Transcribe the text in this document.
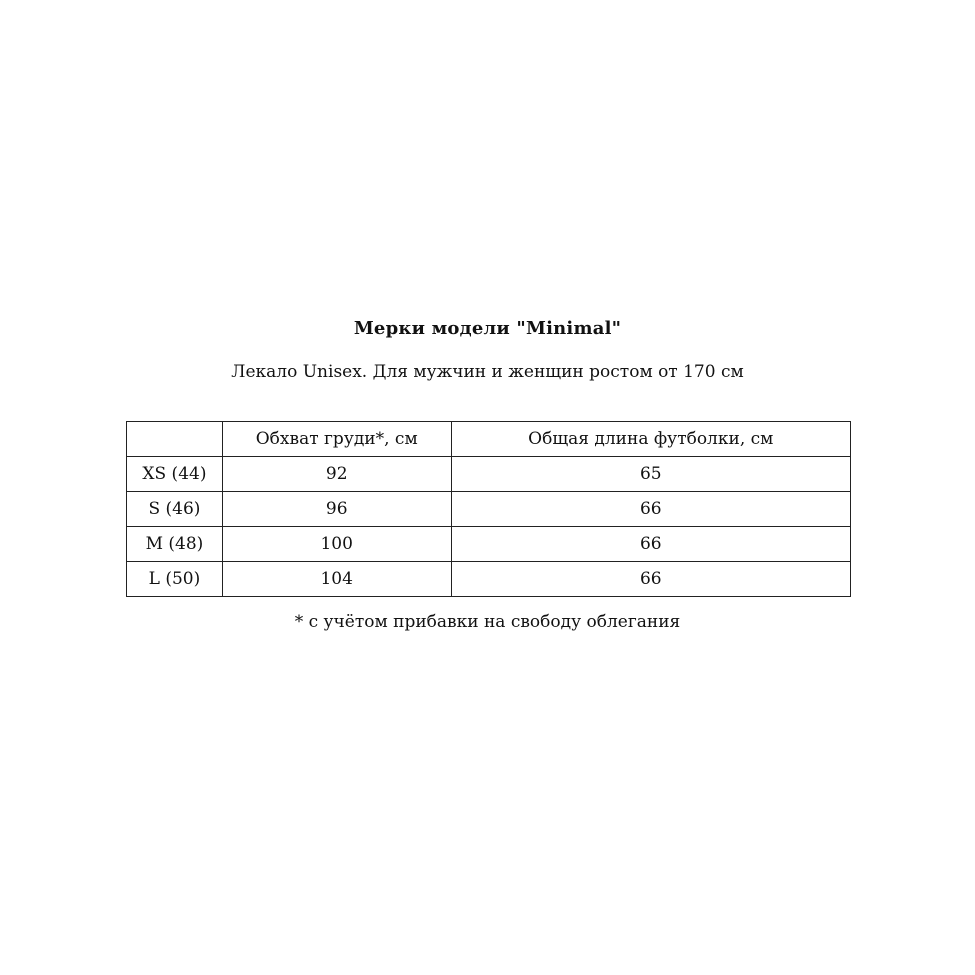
Мерки модели "Minimal"
Лекало Unisex. Для мужчин и женщин ростом от 170 см
	Обхват груди*, см	Общая длина футболки, см
XS (44)	92	65
S (46)	96	66
M (48)	100	66
L (50)	104	66
* с учётом прибавки на свободу облегания
